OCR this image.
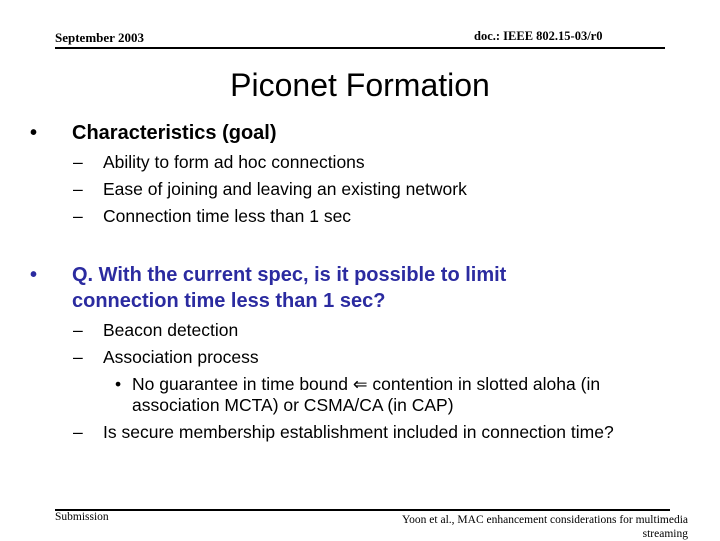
September 2003	doc.: IEEE 802.15-03/r0
Piconet Formation
• Characteristics (goal)
– Ability to form ad hoc connections
– Ease of joining and leaving an existing network
– Connection time less than 1 sec
• Q. With the current spec, is it possible to limit
connection time less than 1 sec?
– Beacon detection
– Association process
• No guarantee in time bound ⇐ contention in slotted aloha (in
association MCTA) or CSMA/CA (in CAP)
– Is secure membership establishment included in connection time?
Submission	Yoon et al., MAC enhancement considerations for multimedia
streaming
